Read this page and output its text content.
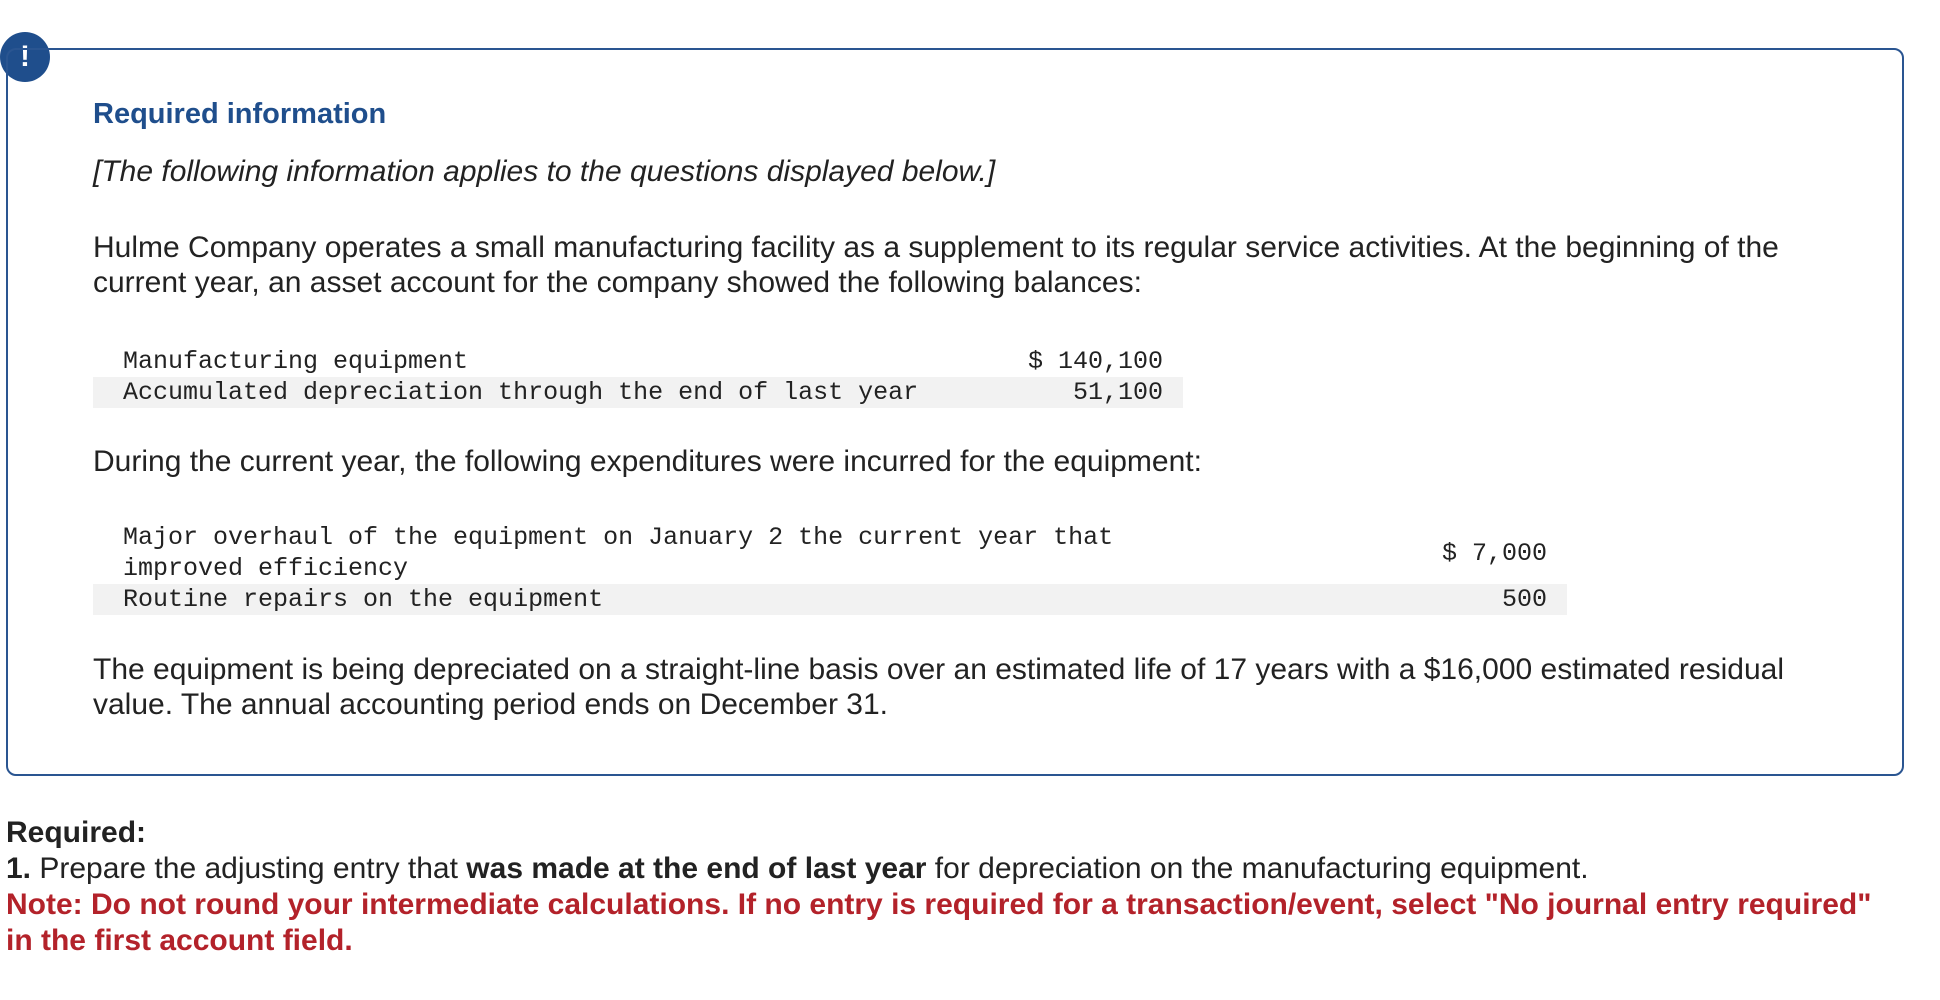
!
Required information

[The following information applies to the questions displayed below.]

Hulme Company operates a small manufacturing facility as a supplement to its regular service activities. At the beginning of the current year, an asset account for the company showed the following balances:

Manufacturing equipment	$ 140,100
Accumulated depreciation through the end of last year	51,100

During the current year, the following expenditures were incurred for the equipment:

Major overhaul of the equipment on January 2 the current year that improved efficiency	$ 7,000
Routine repairs on the equipment	500

The equipment is being depreciated on a straight-line basis over an estimated life of 17 years with a $16,000 estimated residual value. The annual accounting period ends on December 31.

Required:
1. Prepare the adjusting entry that was made at the end of last year for depreciation on the manufacturing equipment.
Note: Do not round your intermediate calculations. If no entry is required for a transaction/event, select "No journal entry required" in the first account field.
